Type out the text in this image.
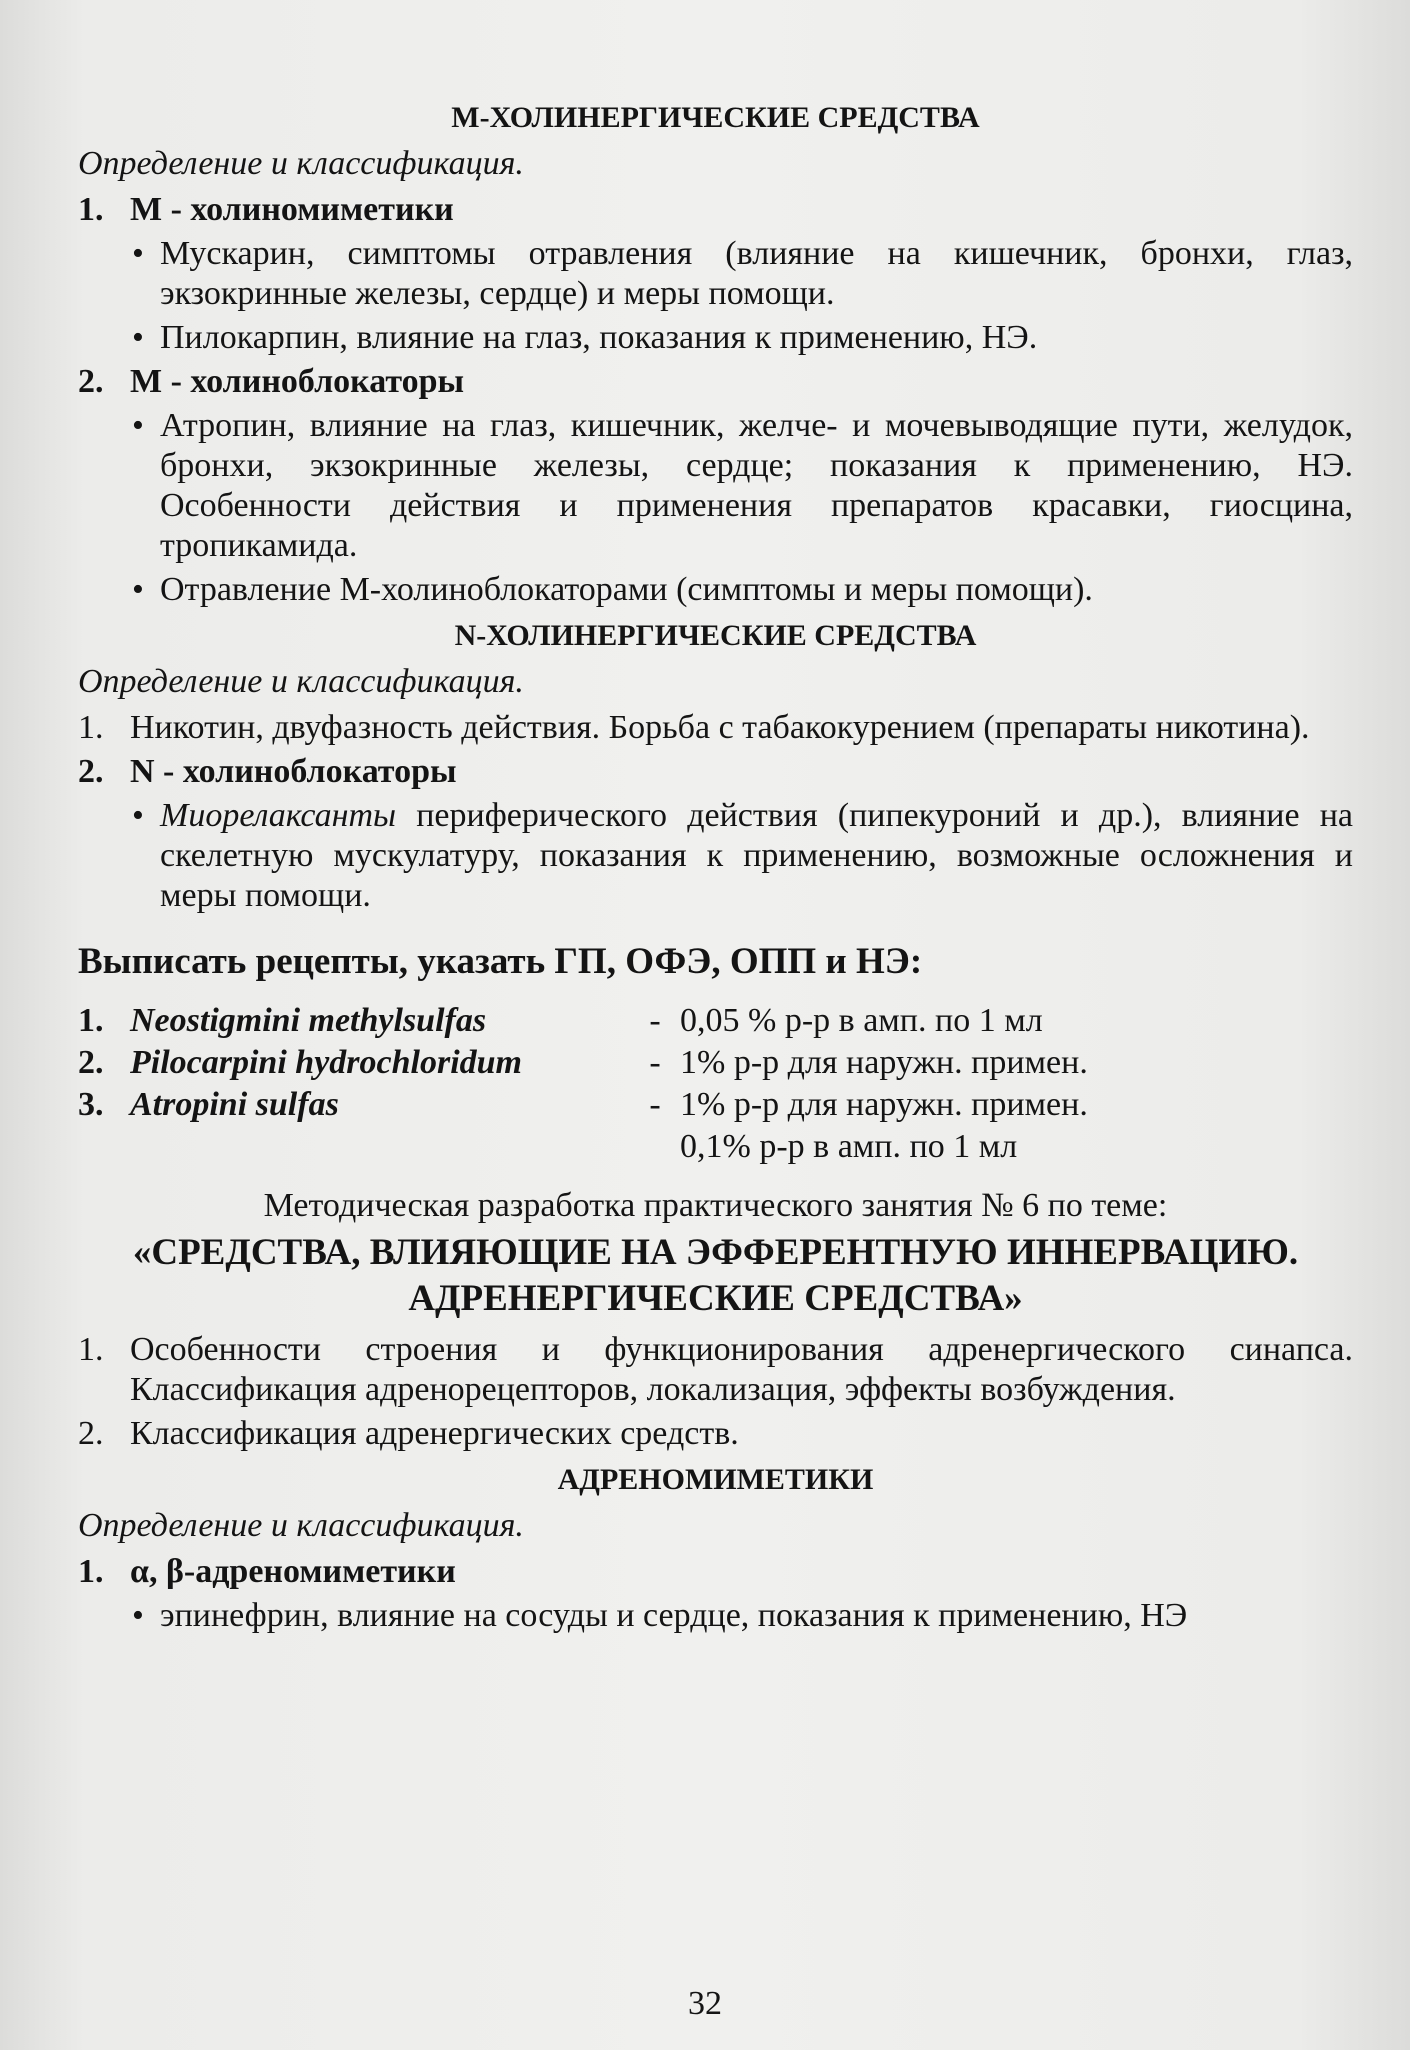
М-ХОЛИНЕРГИЧЕСКИЕ СРЕДСТВА
Определение и классификация.
1. М - холиномиметики
• Мускарин, симптомы отравления (влияние на кишечник, бронхи, глаз, экзокринные железы, сердце) и меры помощи.
• Пилокарпин, влияние на глаз, показания к применению, НЭ.
2. М - холиноблокаторы
• Атропин, влияние на глаз, кишечник, желче- и мочевыводящие пути, желудок, бронхи, экзокринные железы, сердце; показания к применению, НЭ. Особенности действия и применения препаратов красавки, гиосцина, тропикамида.
• Отравление М-холиноблокаторами (симптомы и меры помощи).
N-ХОЛИНЕРГИЧЕСКИЕ СРЕДСТВА
Определение и классификация.
1. Никотин, двуфазность действия. Борьба с табакокурением (препараты никотина).
2. N - холиноблокаторы
• Миорелаксанты периферического действия (пипекуроний и др.), влияние на скелетную мускулатуру, показания к применению, возможные осложнения и меры помощи.
Выписать рецепты, указать ГП, ОФЭ, ОПП и НЭ:
1. Neostigmini methylsulfas	- 0,05 % р-р в амп. по 1 мл
2. Pilocarpini hydrochloridum	- 1% р-р для наружн. примен.
3. Atropini sulfas	- 1% р-р для наружн. примен.
0,1% р-р в амп. по 1 мл
Методическая разработка практического занятия № 6 по теме:
«СРЕДСТВА, ВЛИЯЮЩИЕ НА ЭФФЕРЕНТНУЮ ИННЕРВАЦИЮ.
АДРЕНЕРГИЧЕСКИЕ СРЕДСТВА»
1. Особенности строения и функционирования адренергического синапса. Классификация адренорецепторов, локализация, эффекты возбуждения.
2. Классификация адренергических средств.
АДРЕНОМИМЕТИКИ
Определение и классификация.
1. α, β-адреномиметики
• эпинефрин, влияние на сосуды и сердце, показания к применению, НЭ
32
